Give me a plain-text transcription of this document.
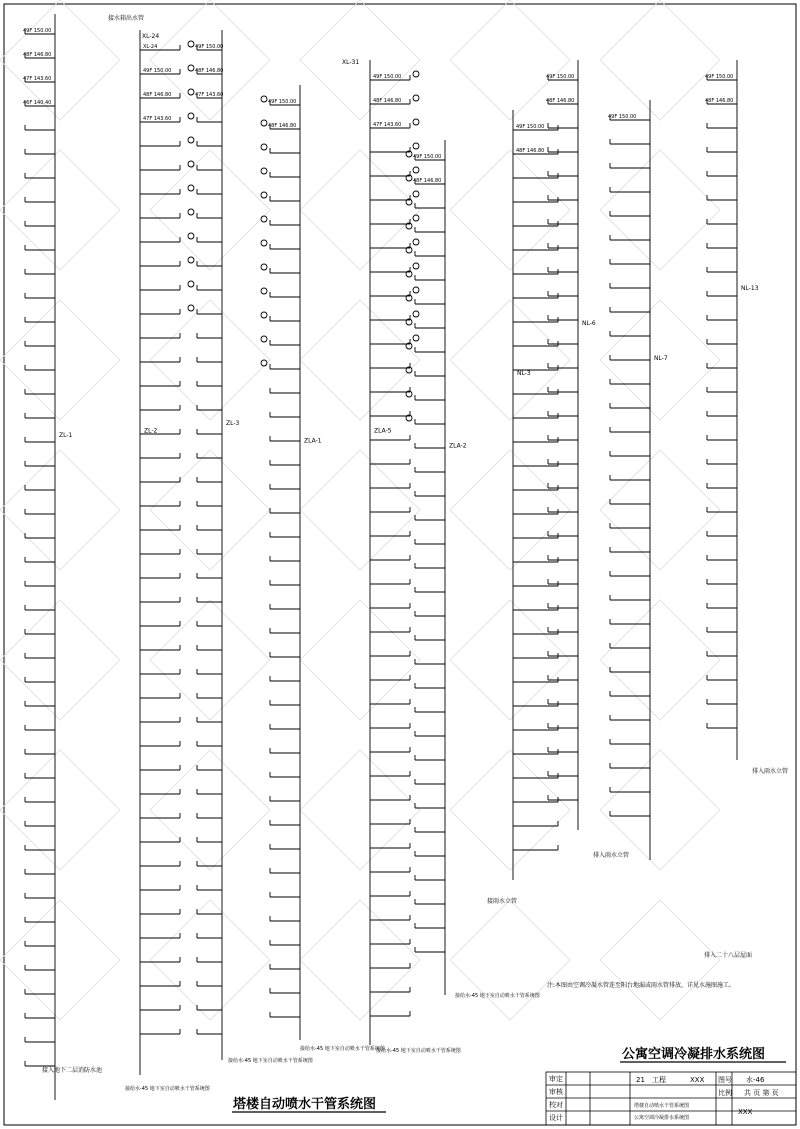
49F 150.00
48F 146.80
47F 143.60
46F 140.40
ZL-1
XL-24
49F 150.00
48F 146.80
47F 143.60
ZL-2
49F 150.00
48F 146.80
47F 143.60
ZL-3
49F 150.00
48F 146.80
ZLA-1
49F 150.00
48F 146.80
47F 143.60
ZLA-5
49F 150.00
48F 146.80
ZLA-2
49F 150.00
48F 146.80
NL-3
49F 150.00
48F 146.80
NL-6
49F 150.00
NL-7
49F 150.00
48F 146.80
NL-13
接水箱出水管
XL-31
XL-24
接入地下二层消防水池
接给水-45 地下室自动喷水干管系统图
接给水-45 地下室自动喷水干管系统图
接给水-45 地下室自动喷水干管系统图
接给水-45 地下室自动喷水干管系统图
接给水-45 地下室自动喷水干管系统图
接雨水立管
排入雨水立管
排入雨水立管
排入二十八层屋面
注:本图由空调冷凝水管连至阳台地漏或雨水管排放，详见水施图施工。
塔楼自动喷水干管系统图
公寓空调冷凝排水系统图
审定
审核
校对
设计
21 工程	XXX 图号 水-46
比例 共 页 第 页
塔楼自动喷水干管系统图
公寓空调冷凝排水系统图
XXX
